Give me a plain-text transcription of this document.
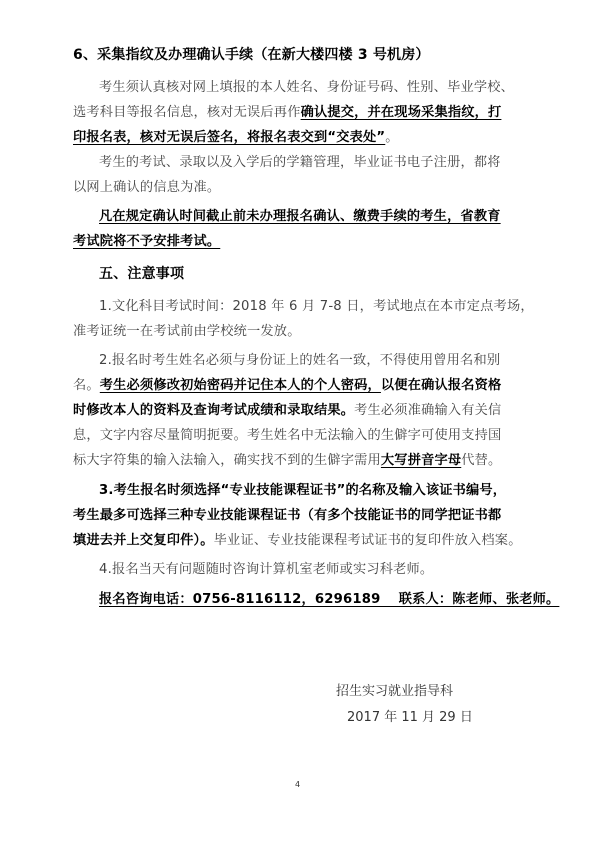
6、采集指纹及办理确认手续（在新大楼四楼 3 号机房）
考生须认真核对网上填报的本人姓名、身份证号码、性别、毕业学校、
选考科目等报名信息，核对无误后再作确认提交，并在现场采集指纹，打
印报名表，核对无误后签名，将报名表交到“交表处”。
考生的考试、录取以及入学后的学籍管理，毕业证书电子注册，都将
以网上确认的信息为准。
凡在规定确认时间截止前未办理报名确认、缴费手续的考生，省教育
考试院将不予安排考试。
五、注意事项
1.文化科目考试时间：2018 年 6 月 7-8 日，考试地点在本市定点考场，
准考证统一在考试前由学校统一发放。
2.报名时考生姓名必须与身份证上的姓名一致，不得使用曾用名和别
名。考生必须修改初始密码并记住本人的个人密码，以便在确认报名资格
时修改本人的资料及查询考试成绩和录取结果。考生必须准确输入有关信
息，文字内容尽量简明扼要。考生姓名中无法输入的生僻字可使用支持国
标大字符集的输入法输入，确实找不到的生僻字需用大写拼音字母代替。
3.考生报名时须选择“专业技能课程证书”的名称及输入该证书编号，
考生最多可选择三种专业技能课程证书（有多个技能证书的同学把证书都
填进去并上交复印件）。毕业证、专业技能课程考试证书的复印件放入档案。
4.报名当天有问题随时咨询计算机室老师或实习科老师。
报名咨询电话：0756-8116112，6296189　 联系人：陈老师、张老师。
招生实习就业指导科
2017 年 11 月 29 日
4
